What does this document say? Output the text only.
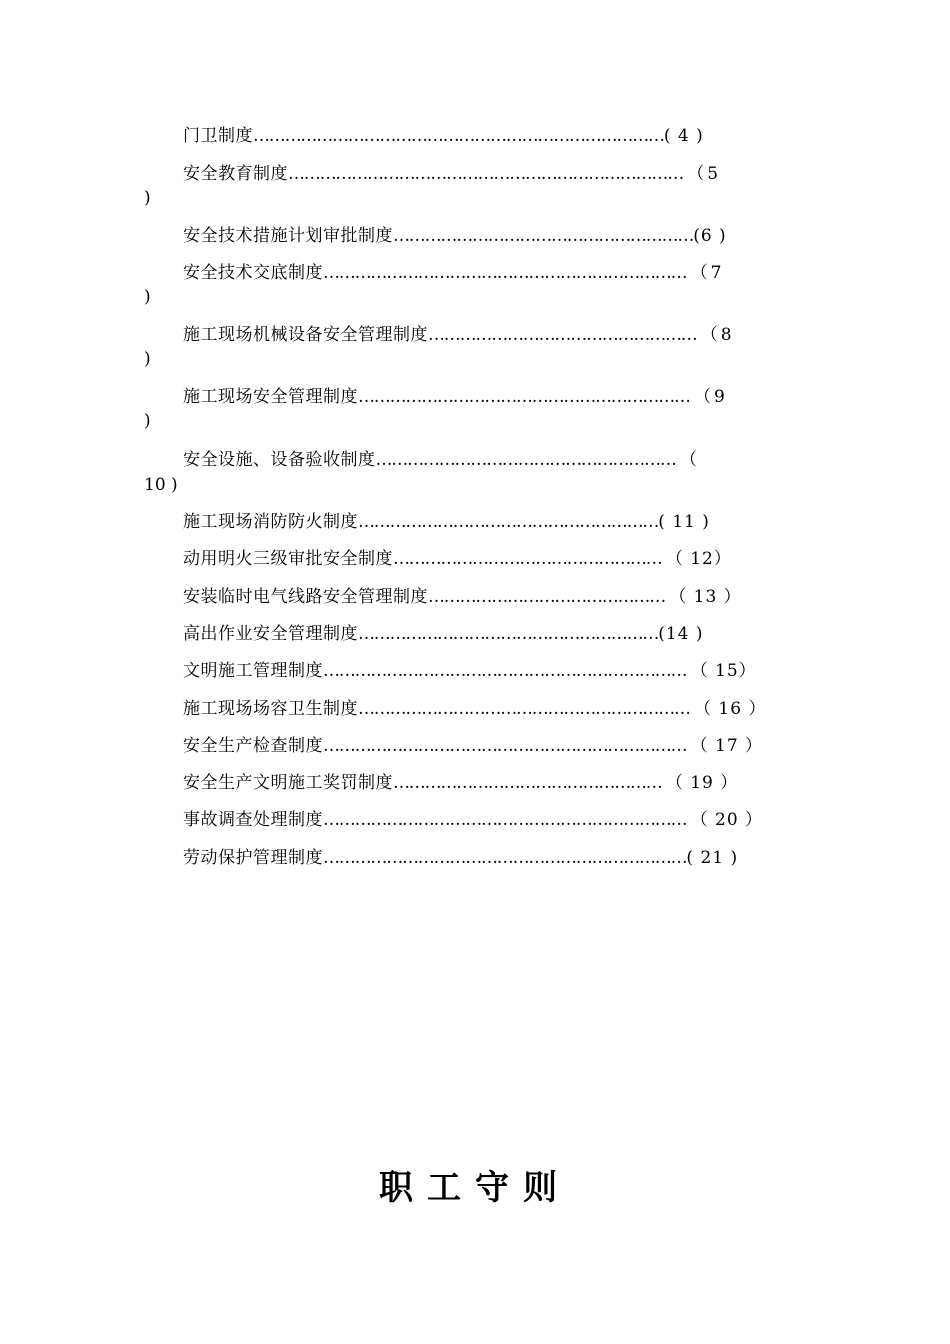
门卫制度……………………………………………………………………( 4 )
安全教育制度………………………………………………………………… （ 5
)
安全技术措施计划审批制度…………………………………………………(6 )
安全技术交底制度…………………………………………………………… （ 7
)
施工现场机械设备安全管理制度…………………………………………… （ 8
)
施工现场安全管理制度……………………………………………………… （ 9
)
安全设施、设备验收制度………………………………………………… （
10 )
施工现场消防防火制度…………………………………………………( 11 )
动用明火三级审批安全制度…………………………………………… （ 12）
安装临时电气线路安全管理制度……………………………………… （ 13 ）
高出作业安全管理制度…………………………………………………(14 )
文明施工管理制度…………………………………………………………… （ 15）
施工现场场容卫生制度……………………………………………………… （ 16 ）
安全生产检查制度…………………………………………………………… （ 17 ）
安全生产文明施工奖罚制度…………………………………………… （ 19 ）
事故调查处理制度…………………………………………………………… （ 20 ）
劳动保护管理制度……………………………………………………………( 21 )
职工守则
